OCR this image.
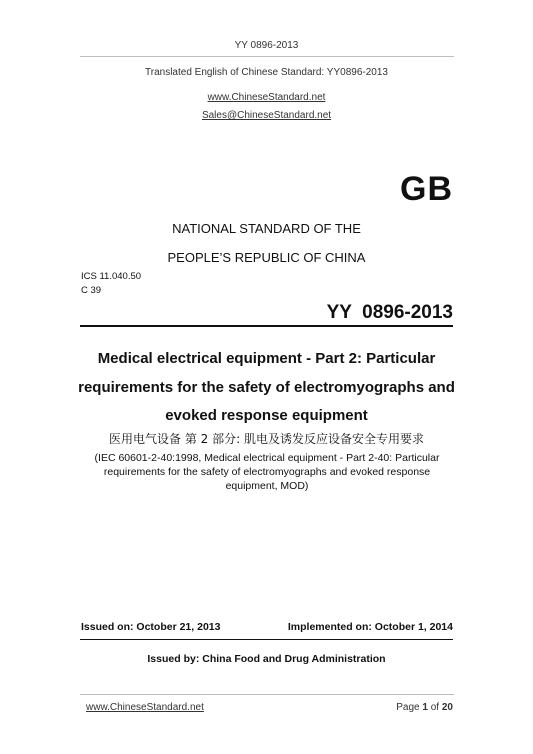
YY 0896-2013
Translated English of Chinese Standard: YY0896-2013
www.ChineseStandard.net
Sales@ChineseStandard.net
GB
NATIONAL STANDARD OF THE
PEOPLE’S REPUBLIC OF CHINA
ICS 11.040.50
C 39
YY  0896-2013
Medical electrical equipment - Part 2: Particular
requirements for the safety of electromyographs and
evoked response equipment
医用电气设备 第 2 部分: 肌电及诱发反应设备安全专用要求
(IEC 60601-2-40:1998, Medical electrical equipment - Part 2-40: Particular
requirements for the safety of electromyographs and evoked response
equipment, MOD)
Issued on: October 21, 2013	Implemented on: October 1, 2014
Issued by: China Food and Drug Administration
www.ChineseStandard.net	Page 1 of 20
